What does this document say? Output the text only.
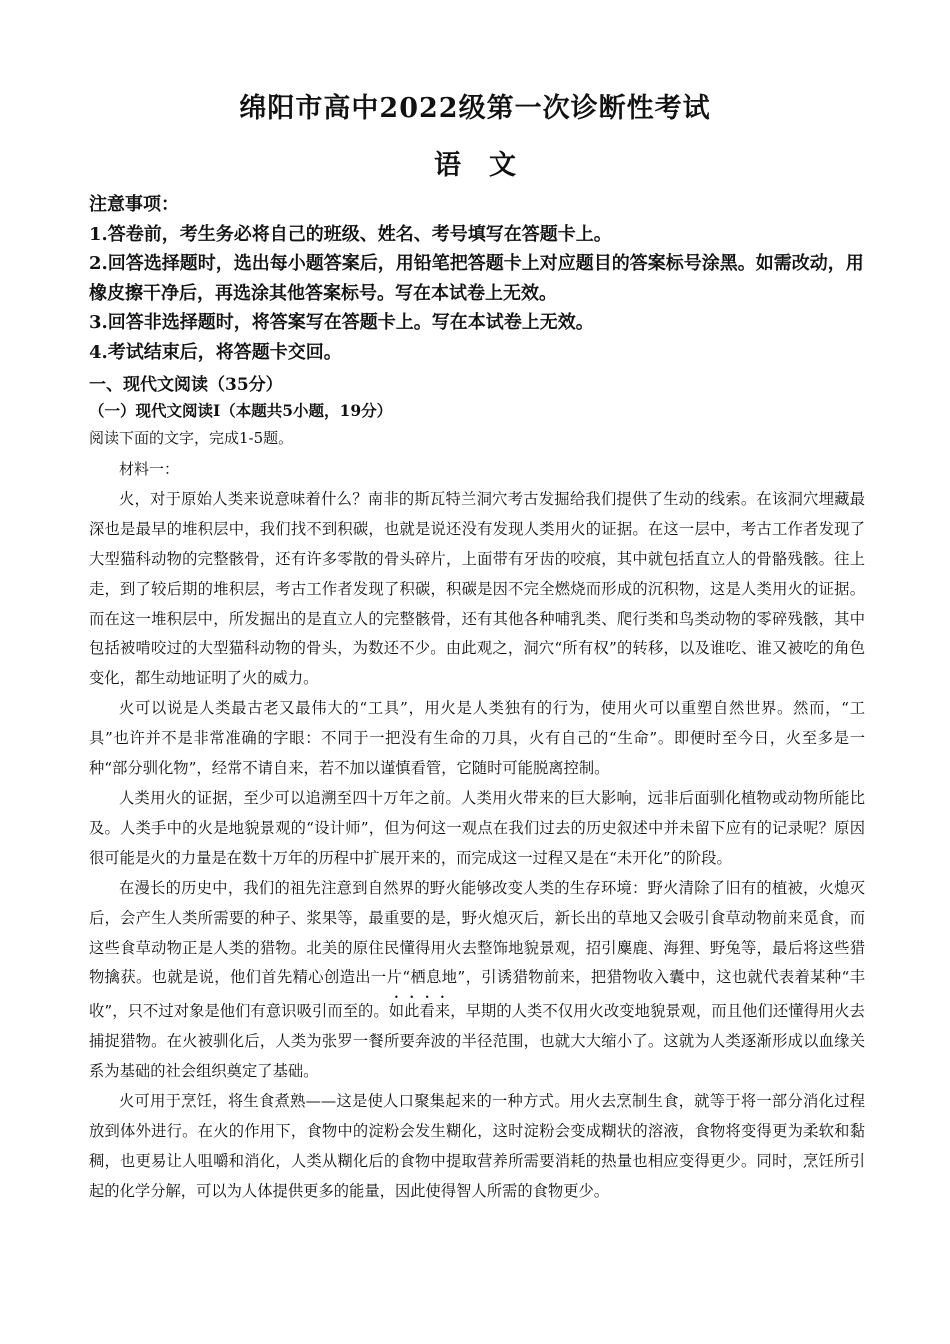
绵阳市高中2022级第一次诊断性考试
语文
注意事项：
1.答卷前，考生务必将自己的班级、姓名、考号填写在答题卡上。
2.回答选择题时，选出每小题答案后，用铅笔把答题卡上对应题目的答案标号涂黑。如需改动，用橡皮擦干净后，再选涂其他答案标号。写在本试卷上无效。
3.回答非选择题时，将答案写在答题卡上。写在本试卷上无效。
4.考试结束后，将答题卡交回。
一、现代文阅读（35分）
（一）现代文阅读Ⅰ（本题共5小题，19分）
阅读下面的文字，完成1-5题。
材料一：

火，对于原始人类来说意味着什么？南非的斯瓦特兰洞穴考古发掘给我们提供了生动的线索。在该洞穴埋藏最深也是最早的堆积层中，我们找不到积碳，也就是说还没有发现人类用火的证据。在这一层中，考古工作者发现了大型猫科动物的完整骸骨，还有许多零散的骨头碎片，上面带有牙齿的咬痕，其中就包括直立人的骨骼残骸。往上走，到了较后期的堆积层，考古工作者发现了积碳，积碳是因不完全燃烧而形成的沉积物，这是人类用火的证据。而在这一堆积层中，所发掘出的是直立人的完整骸骨，还有其他各种哺乳类、爬行类和鸟类动物的零碎残骸，其中包括被啃咬过的大型猫科动物的骨头，为数还不少。由此观之，洞穴“所有权”的转移，以及谁吃、谁又被吃的角色变化，都生动地证明了火的威力。

火可以说是人类最古老又最伟大的“工具”，用火是人类独有的行为，使用火可以重塑自然世界。然而，“工具”也许并不是非常准确的字眼：不同于一把没有生命的刀具，火有自己的“生命”。即便时至今日，火至多是一种“部分驯化物”，经常不请自来，若不加以谨慎看管，它随时可能脱离控制。

人类用火的证据，至少可以追溯至四十万年之前。人类用火带来的巨大影响，远非后面驯化植物或动物所能比及。人类手中的火是地貌景观的“设计师”，但为何这一观点在我们过去的历史叙述中并未留下应有的记录呢？原因很可能是火的力量是在数十万年的历程中扩展开来的，而完成这一过程又是在“未开化”的阶段。

在漫长的历史中，我们的祖先注意到自然界的野火能够改变人类的生存环境：野火清除了旧有的植被，火熄灭后，会产生人类所需要的种子、浆果等，最重要的是，野火熄灭后，新长出的草地又会吸引食草动物前来觅食，而这些食草动物正是人类的猎物。北美的原住民懂得用火去整饰地貌景观，招引麋鹿、海狸、野兔等，最后将这些猎物擒获。也就是说，他们首先精心创造出一片“栖息地”，引诱猎物前来，把猎物收入囊中，这也就代表着某种“丰收”，只不过对象是他们有意识吸引而至的。如此看来，早期的人类不仅用火改变地貌景观，而且他们还懂得用火去捕捉猎物。在火被驯化后，人类为张罗一餐所要奔波的半径范围，也就大大缩小了。这就为人类逐渐形成以血缘关系为基础的社会组织奠定了基础。

火可用于烹饪，将生食煮熟——这是使人口聚集起来的一种方式。用火去烹制生食，就等于将一部分消化过程放到体外进行。在火的作用下，食物中的淀粉会发生糊化，这时淀粉会变成糊状的溶液，食物将变得更为柔软和黏稠，也更易让人咀嚼和消化，人类从糊化后的食物中提取营养所需要消耗的热量也相应变得更少。同时，烹饪所引起的化学分解，可以为人体提供更多的能量，因此使得智人所需的食物更少。
